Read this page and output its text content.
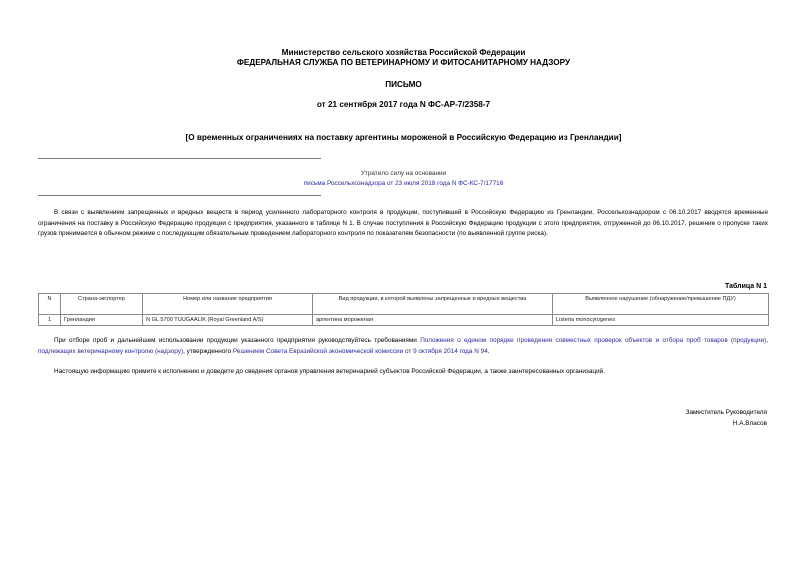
Министерство сельского хозяйства Российской Федерации
ФЕДЕРАЛЬНАЯ СЛУЖБА ПО ВЕТЕРИНАРНОМУ И ФИТОСАНИТАРНОМУ НАДЗОРУ
ПИСЬМО
от 21 сентября 2017 года N ФС-АР-7/2358-7
[О временных ограничениях на поставку аргентины мороженой в Российскую Федерацию из Гренландии]
Утратило силу на основании
письма Россельхознадзора от 23 июля 2018 года N ФС-КС-7/17716
В связи с выявлением запрещенных и вредных веществ в период усиленного лабораторного контроля в продукции, поступившей в Российскую Федерацию из Гренландии, Россельхознадзором с 06.10.2017 вводятся временные ограничения на поставку в Российскую Федерацию продукции с предприятия, указанного в таблице N 1. В случае поступления в Российскую Федерацию продукции с этого предприятия, отгруженной до 06.10.2017, решение о пропуске таких грузов принимается в обычном режиме с последующим обязательным проведением лабораторного контроля по показателям безопасности (по выявленной группе риска).
Таблица N 1
N	Страна-экспортер	Номер или название предприятия	Вид продукции, в которой выявлены запрещенные и вредные вещества	Выявленное нарушение (обнаружение/превышение ПДУ)
1	Гренландия	N GL 5700 TUUGAALIK (Royal Greenland A/S)	аргентина мороженая	Listeria monocytogenes
При отборе проб и дальнейшем использовании продукции указанного предприятия руководствуйтесь требованиями Положения о едином порядке проведения совместных проверок объектов и отбора проб товаров (продукции), подлежащих ветеринарному контролю (надзору), утвержденного Решением Совета Евразийской экономической комиссии от 9 октября 2014 года N 94.
Настоящую информацию примите к исполнению и доведите до сведения органов управления ветеринарией субъектов Российской Федерации, а также заинтересованных организаций.
Заместитель Руководителя
Н.А.Власов
